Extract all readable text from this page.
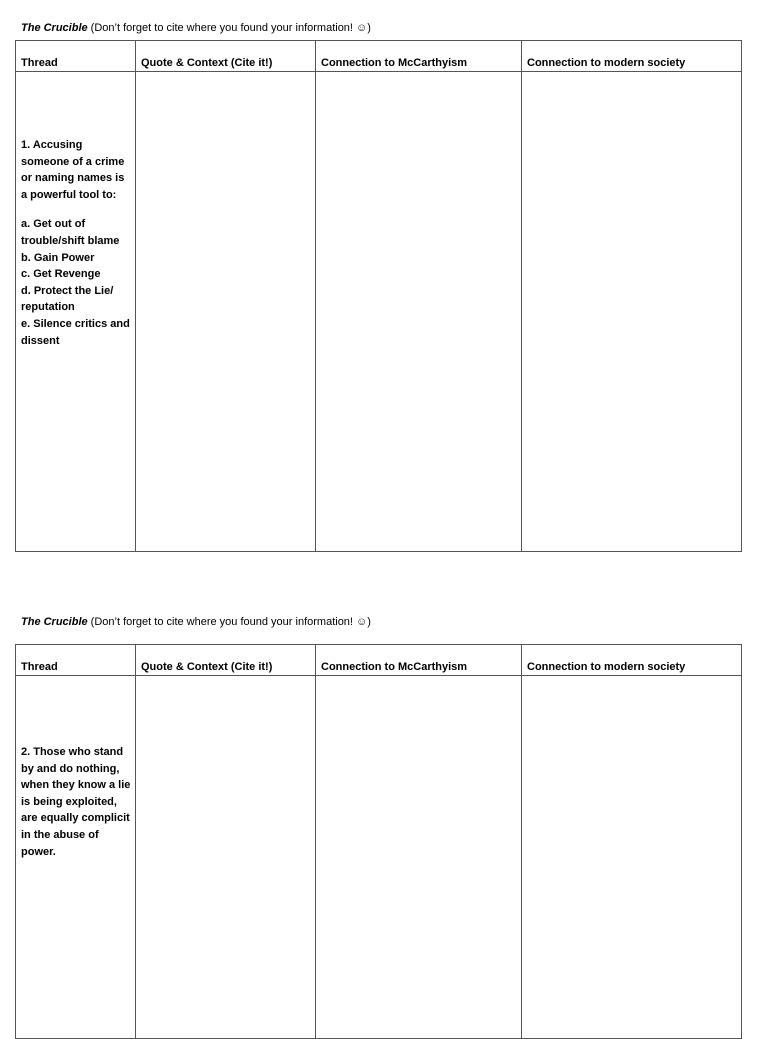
The Crucible (Don’t forget to cite where you found your information! ☺)
Thread	Quote & Context (Cite it!)	Connection to McCarthyism	Connection to modern society

1. Accusing someone of a crime or naming names is a powerful tool to:

a. Get out of trouble/shift blame

b. Gain Power

c. Get Revenge

d. Protect the Lie/ reputation

e. Silence critics and dissent

The Crucible (Don’t forget to cite where you found your information! ☺)
Thread	Quote & Context (Cite it!)	Connection to McCarthyism	Connection to modern society

2. Those who stand by and do nothing, when they know a lie is being exploited, are equally complicit in the abuse of power.
